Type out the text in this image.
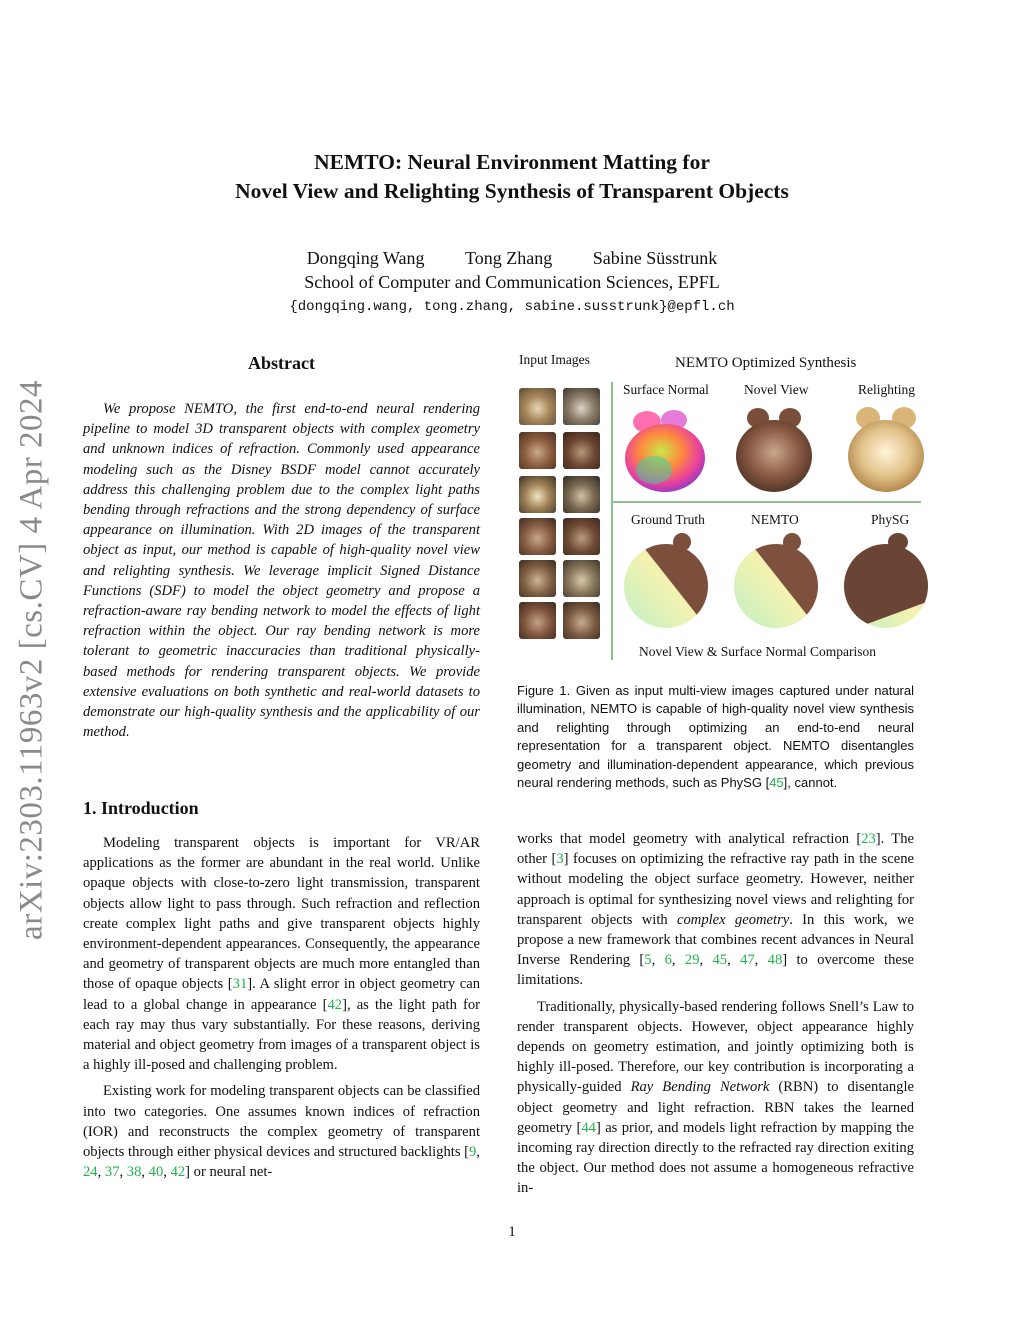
arXiv:2303.11963v2 [cs.CV] 4 Apr 2024
NEMTO: Neural Environment Matting for
Novel View and Relighting Synthesis of Transparent Objects
Dongqing Wang Tong Zhang Sabine Süsstrunk
School of Computer and Communication Sciences, EPFL
{dongqing.wang, tong.zhang, sabine.susstrunk}@epfl.ch
Abstract

We propose NEMTO, the first end-to-end neural rendering pipeline to model 3D transparent objects with complex geometry and unknown indices of refraction. Commonly used appearance modeling such as the Disney BSDF model cannot accurately address this challenging problem due to the complex light paths bending through refractions and the strong dependency of surface appearance on illumination. With 2D images of the transparent object as input, our method is capable of high-quality novel view and relighting synthesis. We leverage implicit Signed Distance Functions (SDF) to model the object geometry and propose a refraction-aware ray bending network to model the effects of light refraction within the object. Our ray bending network is more tolerant to geometric inaccuracies than traditional physically-based methods for rendering transparent objects. We provide extensive evaluations on both synthetic and real-world datasets to demonstrate our high-quality synthesis and the applicability of our method.

1. Introduction

Modeling transparent objects is important for VR/AR applications as the former are abundant in the real world. Unlike opaque objects with close-to-zero light transmission, transparent objects allow light to pass through. Such refraction and reflection create complex light paths and give transparent objects highly environment-dependent appearances. Consequently, the appearance and geometry of transparent objects are much more entangled than those of opaque objects [31]. A slight error in object geometry can lead to a global change in appearance [42], as the light path for each ray may thus vary substantially. For these reasons, deriving material and object geometry from images of a transparent object is a highly ill-posed and challenging problem.

Existing work for modeling transparent objects can be classified into two categories. One assumes known indices of refraction (IOR) and reconstructs the complex geometry of transparent objects through either physical devices and structured backlights [9, 24, 37, 38, 40, 42] or neural net-

Input Images	NEMTO Optimized Synthesis
Surface Normal	Novel View	Relighting
Ground Truth	NEMTO	PhySG
Novel View & Surface Normal Comparison
Figure 1. Given as input multi-view images captured under natural illumination, NEMTO is capable of high-quality novel view synthesis and relighting through optimizing an end-to-end neural representation for a transparent object. NEMTO disentangles geometry and illumination-dependent appearance, which previous neural rendering methods, such as PhySG [45], cannot.

works that model geometry with analytical refraction [23]. The other [3] focuses on optimizing the refractive ray path in the scene without modeling the object surface geometry. However, neither approach is optimal for synthesizing novel views and relighting for transparent objects with complex geometry. In this work, we propose a new framework that combines recent advances in Neural Inverse Rendering [5, 6, 29, 45, 47, 48] to overcome these limitations.

Traditionally, physically-based rendering follows Snell’s Law to render transparent objects. However, object appearance highly depends on geometry estimation, and jointly optimizing both is highly ill-posed. Therefore, our key contribution is incorporating a physically-guided Ray Bending Network (RBN) to disentangle object geometry and light refraction. RBN takes the learned geometry [44] as prior, and models light refraction by mapping the incoming ray direction directly to the refracted ray direction exiting the object. Our method does not assume a homogeneous refractive in-

1
